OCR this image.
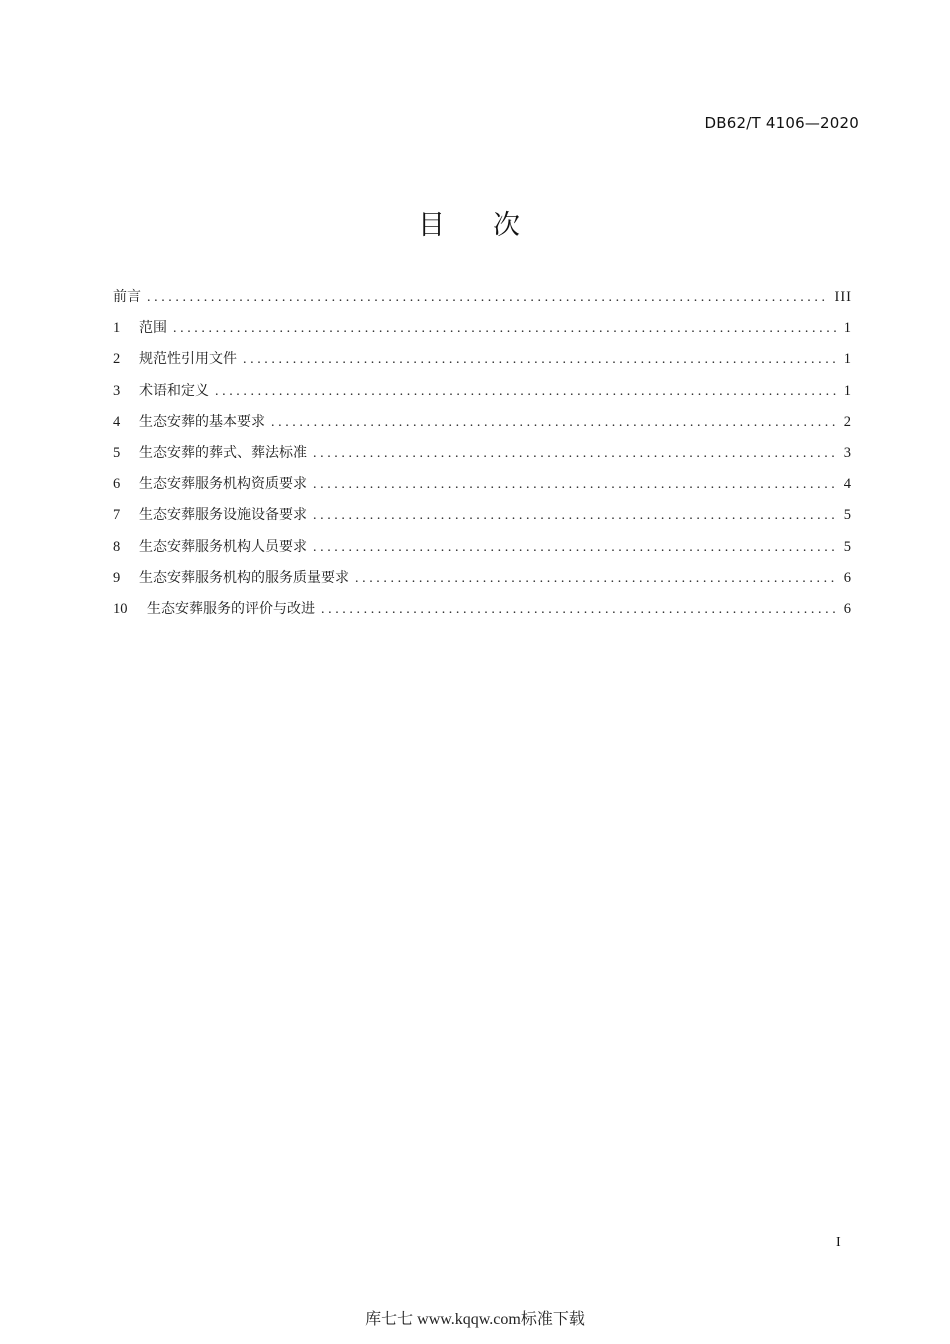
DB62/T 4106—2020
目次
前言 .....	III
1	范围 .....	1
2	规范性引用文件 .....	1
3	术语和定义 .....	1
4	生态安葬的基本要求 .....	2
5	生态安葬的葬式、葬法标准 .....	3
6	生态安葬服务机构资质要求 .....	4
7	生态安葬服务设施设备要求 .....	5
8	生态安葬服务机构人员要求 .....	5
9	生态安葬服务机构的服务质量要求 .....	6
10	生态安葬服务的评价与改进 .....	6
I
库七七 www.kqqw.com标准下载
